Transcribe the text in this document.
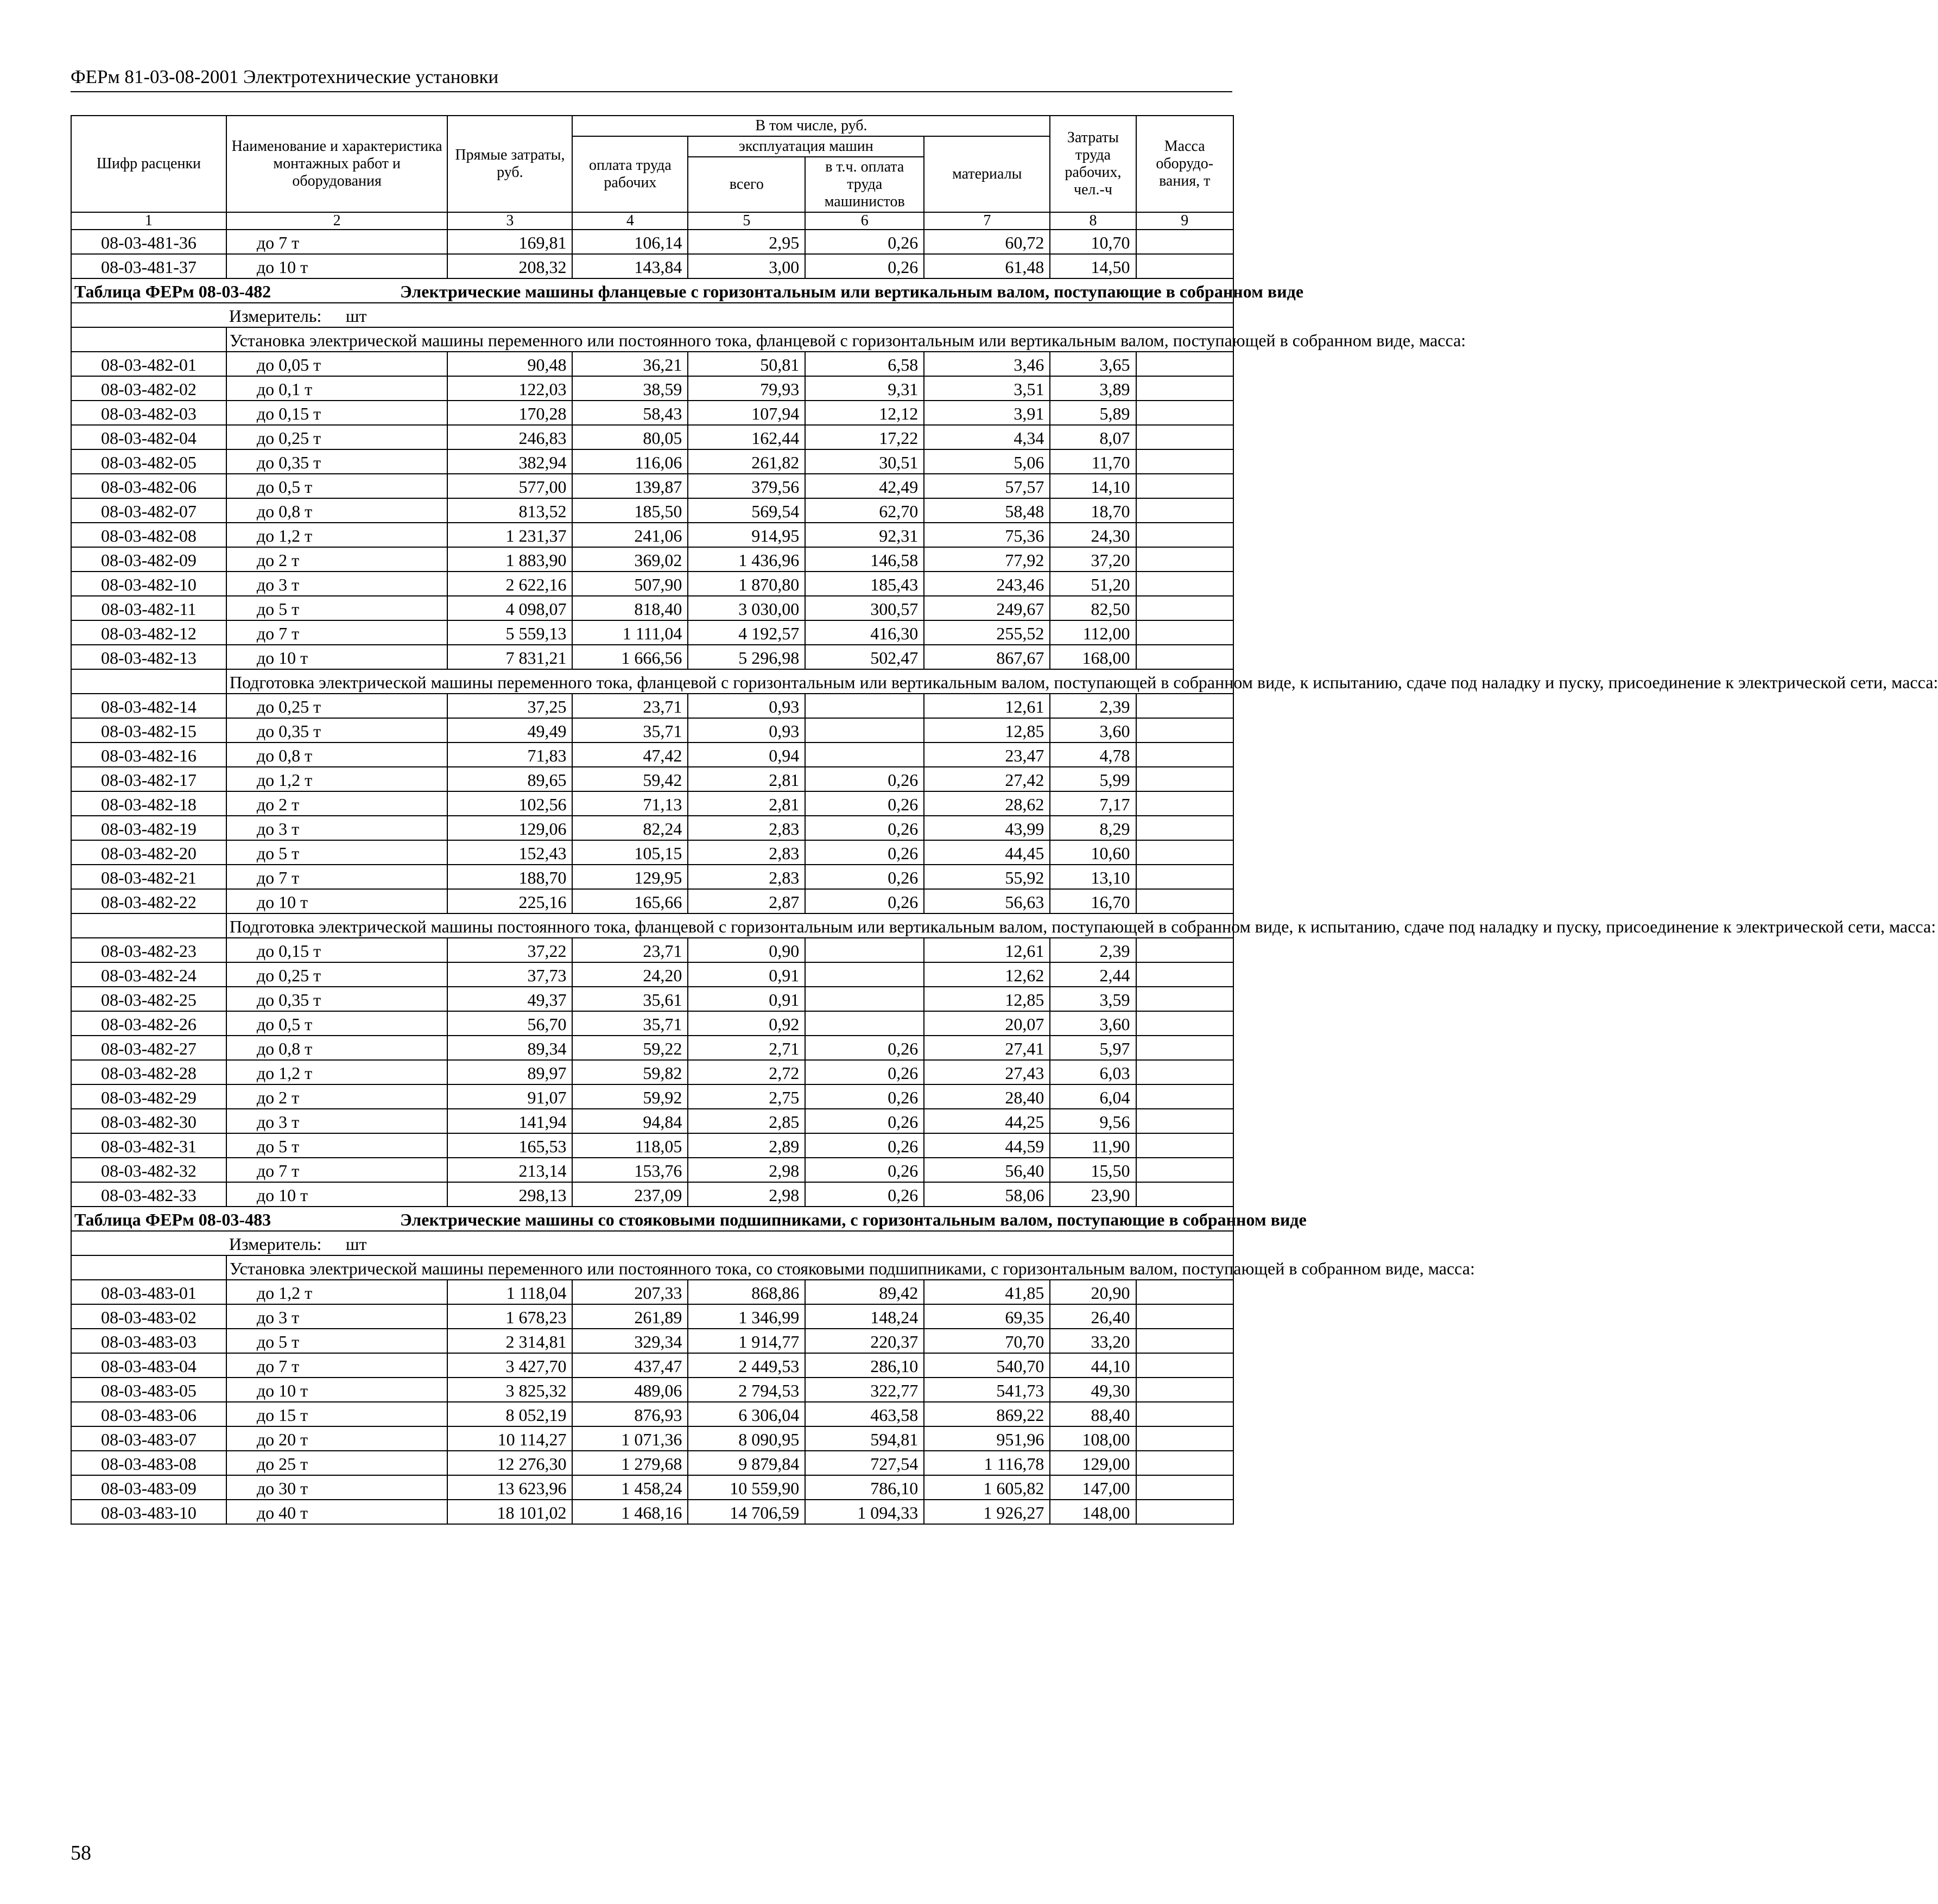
ФЕРм 81-03-08-2001 Электротехнические установки
Шифр расценки	Наименование и характеристика монтажных работ и оборудования	Прямые затраты, руб.	В том числе, руб.				Затраты труда рабочих, чел.-ч	Масса оборудо-вания, т
			оплата труда рабочих	эксплуатация машин		материалы		
				всего	в т.ч. оплата труда машинистов			
1	2	3	4	5	6	7	8	9
08-03-481-36	до 7 т	169,81	106,14	2,95	0,26	60,72	10,70	
08-03-481-37	до 10 т	208,32	143,84	3,00	0,26	61,48	14,50	

Таблица ФЕРм 08-03-482 Электрические машины фланцевые с горизонтальным или вертикальным валом, поступающие в собранном виде								

	Измеритель: шт							
	Установка электрической машины переменного или постоянного тока, фланцевой с горизонтальным или вертикальным валом, поступающей в собранном виде, масса:							
08-03-482-01	до 0,05 т	90,48	36,21	50,81	6,58	3,46	3,65	
08-03-482-02	до 0,1 т	122,03	38,59	79,93	9,31	3,51	3,89	
08-03-482-03	до 0,15 т	170,28	58,43	107,94	12,12	3,91	5,89	
08-03-482-04	до 0,25 т	246,83	80,05	162,44	17,22	4,34	8,07	
08-03-482-05	до 0,35 т	382,94	116,06	261,82	30,51	5,06	11,70	
08-03-482-06	до 0,5 т	577,00	139,87	379,56	42,49	57,57	14,10	
08-03-482-07	до 0,8 т	813,52	185,50	569,54	62,70	58,48	18,70	
08-03-482-08	до 1,2 т	1 231,37	241,06	914,95	92,31	75,36	24,30	
08-03-482-09	до 2 т	1 883,90	369,02	1 436,96	146,58	77,92	37,20	
08-03-482-10	до 3 т	2 622,16	507,90	1 870,80	185,43	243,46	51,20	
08-03-482-11	до 5 т	4 098,07	818,40	3 030,00	300,57	249,67	82,50	
08-03-482-12	до 7 т	5 559,13	1 111,04	4 192,57	416,30	255,52	112,00	
08-03-482-13	до 10 т	7 831,21	1 666,56	5 296,98	502,47	867,67	168,00	
	Подготовка электрической машины переменного тока, фланцевой с горизонтальным или вертикальным валом, поступающей в собранном виде, к испытанию, сдаче под наладку и пуску, присоединение к электрической сети, масса:							
08-03-482-14	до 0,25 т	37,25	23,71	0,93		12,61	2,39	
08-03-482-15	до 0,35 т	49,49	35,71	0,93		12,85	3,60	
08-03-482-16	до 0,8 т	71,83	47,42	0,94		23,47	4,78	
08-03-482-17	до 1,2 т	89,65	59,42	2,81	0,26	27,42	5,99	
08-03-482-18	до 2 т	102,56	71,13	2,81	0,26	28,62	7,17	
08-03-482-19	до 3 т	129,06	82,24	2,83	0,26	43,99	8,29	
08-03-482-20	до 5 т	152,43	105,15	2,83	0,26	44,45	10,60	
08-03-482-21	до 7 т	188,70	129,95	2,83	0,26	55,92	13,10	
08-03-482-22	до 10 т	225,16	165,66	2,87	0,26	56,63	16,70	
	Подготовка электрической машины постоянного тока, фланцевой с горизонтальным или вертикальным валом, поступающей в собранном виде, к испытанию, сдаче под наладку и пуску, присоединение к электрической сети, масса:							
08-03-482-23	до 0,15 т	37,22	23,71	0,90		12,61	2,39	
08-03-482-24	до 0,25 т	37,73	24,20	0,91		12,62	2,44	
08-03-482-25	до 0,35 т	49,37	35,61	0,91		12,85	3,59	
08-03-482-26	до 0,5 т	56,70	35,71	0,92		20,07	3,60	
08-03-482-27	до 0,8 т	89,34	59,22	2,71	0,26	27,41	5,97	
08-03-482-28	до 1,2 т	89,97	59,82	2,72	0,26	27,43	6,03	
08-03-482-29	до 2 т	91,07	59,92	2,75	0,26	28,40	6,04	
08-03-482-30	до 3 т	141,94	94,84	2,85	0,26	44,25	9,56	
08-03-482-31	до 5 т	165,53	118,05	2,89	0,26	44,59	11,90	
08-03-482-32	до 7 т	213,14	153,76	2,98	0,26	56,40	15,50	
08-03-482-33	до 10 т	298,13	237,09	2,98	0,26	58,06	23,90	

Таблица ФЕРм 08-03-483 Электрические машины со стояковыми подшипниками, с горизонтальным валом, поступающие в собранном виде								

	Измеритель: шт							
	Установка электрической машины переменного или постоянного тока, со стояковыми подшипниками, с горизонтальным валом, поступающей в собранном виде, масса:							
08-03-483-01	до 1,2 т	1 118,04	207,33	868,86	89,42	41,85	20,90	
08-03-483-02	до 3 т	1 678,23	261,89	1 346,99	148,24	69,35	26,40	
08-03-483-03	до 5 т	2 314,81	329,34	1 914,77	220,37	70,70	33,20	
08-03-483-04	до 7 т	3 427,70	437,47	2 449,53	286,10	540,70	44,10	
08-03-483-05	до 10 т	3 825,32	489,06	2 794,53	322,77	541,73	49,30	
08-03-483-06	до 15 т	8 052,19	876,93	6 306,04	463,58	869,22	88,40	
08-03-483-07	до 20 т	10 114,27	1 071,36	8 090,95	594,81	951,96	108,00	
08-03-483-08	до 25 т	12 276,30	1 279,68	9 879,84	727,54	1 116,78	129,00	
08-03-483-09	до 30 т	13 623,96	1 458,24	10 559,90	786,10	1 605,82	147,00	
08-03-483-10	до 40 т	18 101,02	1 468,16	14 706,59	1 094,33	1 926,27	148,00	
58
